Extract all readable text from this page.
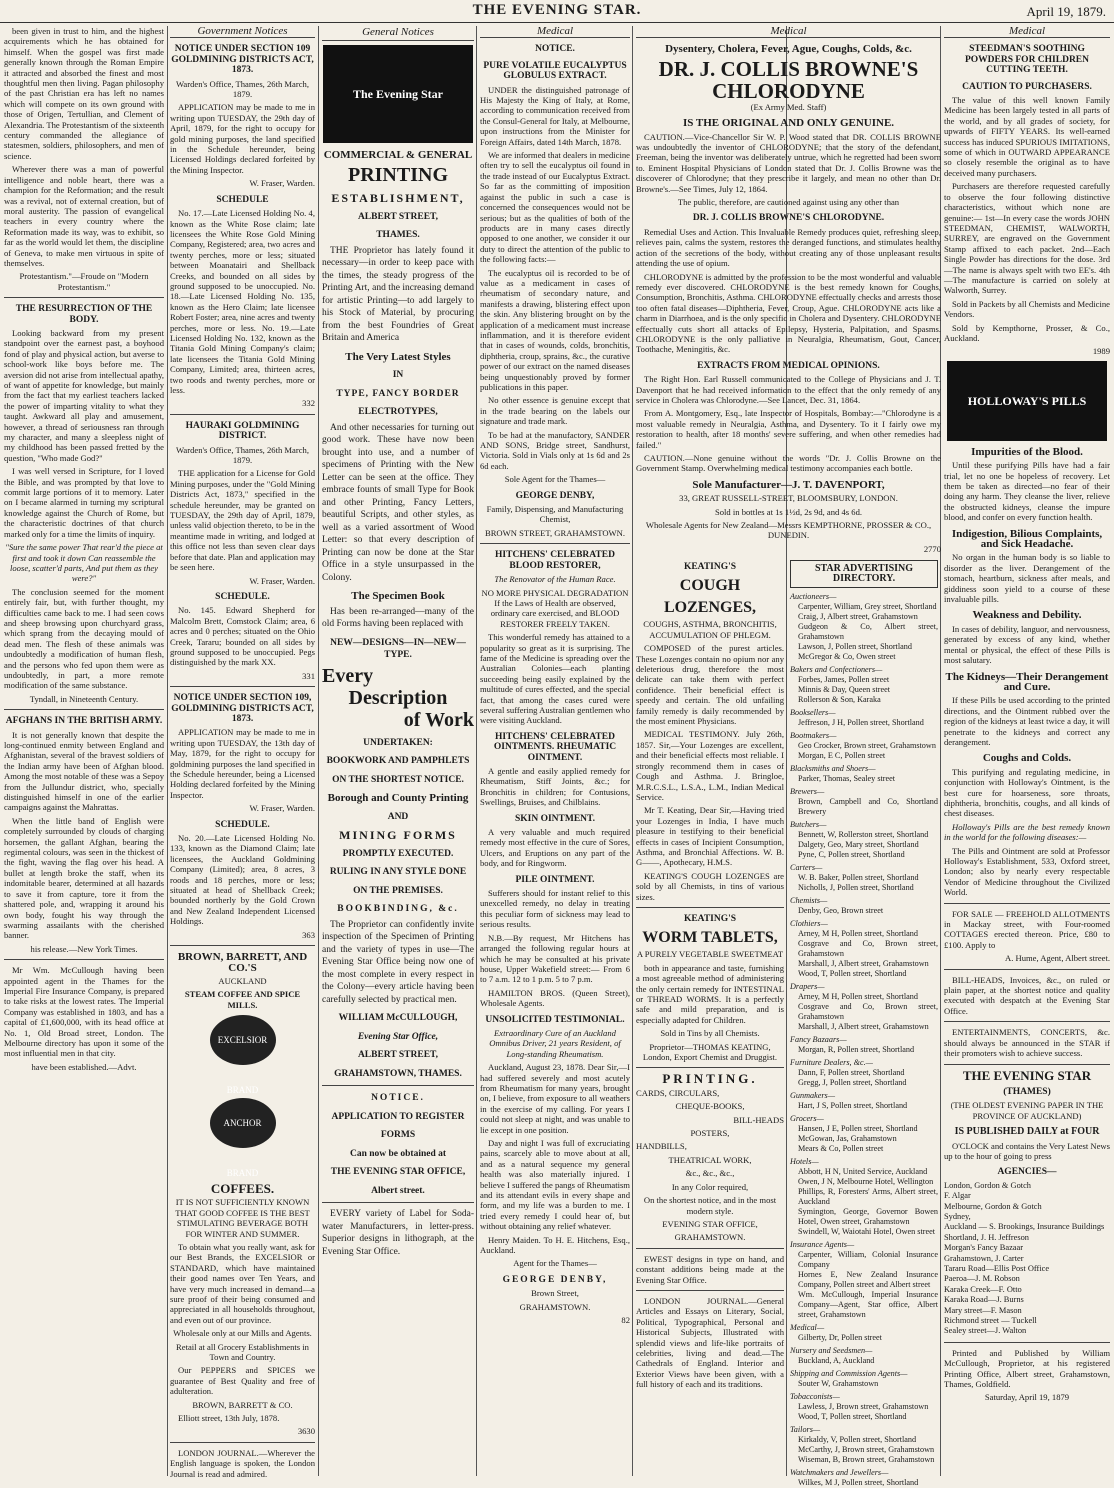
THE EVENING STAR.	April 19, 1879.

been given in trust to him, and the highest acquirements which he has obtained for himself. When the gospel was first made generally known through the Roman Empire it attracted and absorbed the finest and most thoughtful men then living. Pagan philosophy of the past Christian era has left no names which will compete on its own ground with those of Origen, Tertullian, and Clement of Alexandria. The Protestantism of the sixteenth century commanded the allegiance of statesmen, soldiers, philosophers, and men of science.

Wherever there was a man of powerful intelligence and noble heart, there was a champion for the Reformation; and the result was a revival, not of external creation, but of moral austerity. The passion of evangelical teachers in every country where the Reformation made its way, was to exhibit, so far as the world would let them, the discipline of Geneva, to make men virtuous in spite of themselves.

Protestantism."—Froude on "Modern Protestantism."

THE RESURRECTION OF THE BODY.

Looking backward from my present standpoint over the earnest past, a boyhood fond of play and physical action, but averse to school-work like boys before me. The aversion did not arise from intellectual apathy, of want of appetite for knowledge, but mainly from the fact that my earliest teachers lacked the power of imparting vitality to what they taught. Awkward all play and amusement, however, a thread of seriousness ran through my character, and many a sleepless night of my childhood has been passed fretted by the question, "Who made God?"

I was well versed in Scripture, for I loved the Bible, and was prompted by that love to commit large portions of it to memory. Later on I became alarmed in turning my scriptural knowledge against the Church of Rome, but the characteristic doctrines of that church marked only for a time the limits of inquiry.

"Sure the same power That rear'd the piece at first and took it down Can reassemble the loose, scatter'd parts, And put them as they were?"

The conclusion seemed for the moment entirely fair, but, with further thought, my difficulties came back to me. I had seen cows and sheep browsing upon churchyard grass, which sprang from the decaying mould of dead men. The flesh of these animals was undoubtedly a modification of human flesh, and the persons who fed upon them were as undoubtedly, in part, a more remote modification of the same substance.

Tyndall, in Nineteenth Century.

AFGHANS IN THE BRITISH ARMY.

It is not generally known that despite the long-continued enmity between England and Afghanistan, several of the bravest soldiers of the Indian army have been of Afghan blood. Among the most notable of these was a Sepoy from the Jullundur district, who, specially distinguished himself in one of the earlier campaigns against the Mahrattas.

When the little band of English were completely surrounded by clouds of charging horsemen, the gallant Afghan, bearing the regimental colours, was seen in the thickest of the fight, waving the flag over his head. A bullet at length broke the staff, when its indomitable bearer, determined at all hazards to save it from capture, tore it from the shattered pole, and, wrapping it around his own body, fought his way through the swarming assailants with the cherished banner.

his release.—New York Times.

Mr Wm. McCullough having been appointed agent in the Thames for the Imperial Fire Insurance Company, is prepared to take risks at the lowest rates. The Imperial Company was established in 1803, and has a capital of £1,600,000, with its head office at No. 1, Old Broad street, London. The Melbourne directory has upon it some of the most influential men in that city.

have been established.—Advt.

Government Notices
NOTICE UNDER SECTION 109 GOLDMINING DISTRICTS ACT, 1873.

Warden's Office, Thames, 26th March, 1879.

APPLICATION may be made to me in writing upon TUESDAY, the 29th day of April, 1879, for the right to occupy for gold mining purposes, the land specified in the Schedule hereunder, being Licensed Holdings declared forfeited by the Mining Inspector.

W. Fraser, Warden.

SCHEDULE

No. 17.—Late Licensed Holding No. 4, known as the White Rose claim; late licensees the White Rose Gold Mining Company, Registered; area, two acres and twenty perches, more or less; situated between Moanatairi and Shellback Creeks, and bounded on all sides by ground supposed to be unoccupied. No. 18.—Late Licensed Holding No. 135, known as the Hero Claim; late licensee Robert Foster; area, nine acres and twenty perches, more or less. No. 19.—Late Licensed Holding No. 132, known as the Titania Gold Mining Company's claim; late licensees the Titania Gold Mining Company, Limited; area, thirteen acres, two roods and twenty perches, more or less.

332

HAURAKI GOLDMINING DISTRICT.

Warden's Office, Thames, 26th March, 1879.

THE application for a License for Gold Mining purposes, under the "Gold Mining Districts Act, 1873," specified in the schedule hereunder, may be granted on TUESDAY, the 29th day of April, 1879, unless valid objection thereto, to be in the meantime made in writing, and lodged at this office not less than seven clear days before that date. Plan and application may be seen here.

W. Fraser, Warden.

SCHEDULE.

No. 145. Edward Shepherd for Malcolm Brett, Comstock Claim; area, 6 acres and 0 perches; situated on the Ohio Creek, Tararu; bounded on all sides by ground supposed to be unoccupied. Pegs distinguished by the mark XX.

331

NOTICE UNDER SECTION 109, GOLDMINING DISTRICTS ACT, 1873.

APPLICATION may be made to me in writing upon TUESDAY, the 13th day of May, 1879, for the right to occupy for goldmining purposes the land specified in the Schedule hereunder, being a Licensed Holding declared forfeited by the Mining Inspector.

W. Fraser, Warden.

SCHEDULE.

No. 20.—Late Licensed Holding No. 133, known as the Diamond Claim; late licensees, the Auckland Goldmining Company (Limited); area, 8 acres, 3 roods and 18 perches, more or less; situated at head of Shellback Creek; bounded northerly by the Gold Crown and New Zealand Independent Licensed Holdings.

363

BROWN, BARRETT, AND CO.'S

AUCKLAND

STEAM COFFEE AND SPICE MILLS.

EXCELSIOR BRANDANCHOR BRAND
COFFEES.

IT IS NOT SUFFICIENTLY KNOWN THAT GOOD COFFEE IS THE BEST STIMULATING BEVERAGE BOTH FOR WINTER AND SUMMER.

To obtain what you really want, ask for our Best Brands, the EXCELSIOR or STANDARD, which have maintained their good names over Ten Years, and have very much increased in demand—a sure proof of their being consumed and appreciated in all households throughout, and even out of our province.

Wholesale only at our Mills and Agents.

Retail at all Grocery Establishments in Town and Country.

Our PEPPERS and SPICES we guarantee of Best Quality and free of adulteration.

BROWN, BARRETT & CO.

Elliott street, 13th July, 1878.

3630

LONDON JOURNAL.—Wherever the English language is spoken, the London Journal is read and admired.

General Notices
The Evening Star
COMMERCIAL & GENERAL
PRINTING
ESTABLISHMENT,
ALBERT STREET,
THAMES.

THE Proprietor has lately found it necessary—in order to keep pace with the times, the steady progress of the Printing Art, and the increasing demand for artistic Printing—to add largely to his Stock of Material, by procuring from the best Foundries of Great Britain and America

The Very Latest Styles
IN
TYPE, FANCY BORDER
ELECTROTYPES,

And other necessaries for turning out good work. These have now been brought into use, and a number of specimens of Printing with the New Letter can be seen at the office. They embrace founts of small Type for Book and other Printing, Fancy Letters, beautiful Scripts, and other styles, as well as a varied assortment of Wood Letter: so that every description of Printing can now be done at the Star Office in a style unsurpassed in the Colony.

The Specimen Book

Has been re-arranged—many of the old Forms having been replaced with

NEW—DESIGNS—IN—NEW—TYPE.
Every
Description
of Work
UNDERTAKEN:
BOOKWORK AND PAMPHLETS
ON THE SHORTEST NOTICE.
Borough and County Printing
AND
MINING FORMS
PROMPTLY EXECUTED.
RULING IN ANY STYLE DONE
ON THE PREMISES.
BOOKBINDING, &c.

The Proprietor can confidently invite inspection of the Specimen of Printing and the variety of types in use—The Evening Star Office being now one of the most complete in every respect in the Colony—every article having been carefully selected by practical men.

WILLIAM McCULLOUGH,
Evening Star Office,
ALBERT STREET,
GRAHAMSTOWN, THAMES.
NOTICE.
APPLICATION TO REGISTER
FORMS
Can now be obtained at
THE EVENING STAR OFFICE,
Albert street.

EVERY variety of Label for Soda-water Manufacturers, in letter-press. Superior designs in lithograph, at the Evening Star Office.

Medical
NOTICE.
PURE VOLATILE EUCALYPTUS GLOBULUS EXTRACT.

UNDER the distinguished patronage of His Majesty the King of Italy, at Rome, according to communication received from the Consul-General for Italy, at Melbourne, upon instructions from the Minister for Foreign Affairs, dated 14th March, 1878.

We are informed that dealers in medicine often try to sell the eucalyptus oil found in the trade instead of our Eucalyptus Extract. So far as the committing of imposition against the public in such a case is concerned the consequences would not be serious; but as the qualities of both of the products are in many cases directly opposed to one another, we consider it our duty to direct the attention of the public to the following facts:—

The eucalyptus oil is recorded to be of value as a medicament in cases of rheumatism of secondary nature, and manifests a drawing, blistering effect upon the skin. Any blistering brought on by the application of a medicament must increase inflammation, and it is therefore evident that in cases of wounds, colds, bronchitis, diphtheria, croup, sprains, &c., the curative power of our extract on the named diseases being unquestionably proved by former publications in this paper.

No other essence is genuine except that in the trade bearing on the labels our signature and trade mark.

To be had at the manufactory, SANDER AND SONS, Bridge street, Sandhurst, Victoria. Sold in Vials only at 1s 6d and 2s 6d each.

Sole Agent for the Thames—

GEORGE DENBY,

Family, Dispensing, and Manufacturing Chemist,

BROWN STREET, GRAHAMSTOWN.

HITCHENS' CELEBRATED BLOOD RESTORER,

The Renovator of the Human Race.

NO MORE PHYSICAL DEGRADATION If the Laws of Health are observed, ordinary care exercised, and BLOOD RESTORER FREELY TAKEN.

This wonderful remedy has attained to a popularity so great as it is surprising. The fame of the Medicine is spreading over the Australian Colonies—each planting succeeding being easily explained by the multitude of cures effected, and the special fact, that among the cases cured were several suffering Australian gentlemen who were visiting Auckland.

HITCHENS' CELEBRATED OINTMENTS. RHEUMATIC OINTMENT.

A gentle and easily applied remedy for Rheumatism, Stiff Joints, &c.; for Bronchitis in children; for Contusions, Swellings, Bruises, and Chilblains.

SKIN OINTMENT.

A very valuable and much required remedy most effective in the cure of Sores, Ulcers, and Eruptions on any part of the body, and for Ringworm.

PILE OINTMENT.

Sufferers should for instant relief to this unexcelled remedy, no delay in treating this peculiar form of sickness may lead to serious results.

N.B.—By request, Mr Hitchens has arranged the following regular hours at which he may be consulted at his private house, Upper Wakefield street:— From 6 to 7 a.m. 12 to 1 p.m. 5 to 7 p.m.

HAMILTON BROS. (Queen Street), Wholesale Agents.

UNSOLICITED TESTIMONIAL.

Extraordinary Cure of an Auckland Omnibus Driver, 21 years Resident, of Long-standing Rheumatism.

Auckland, August 23, 1878. Dear Sir,—I had suffered severely and most acutely from Rheumatism for many years, brought on, I believe, from exposure to all weathers in the exercise of my calling. For years I could not sleep at night, and was unable to lie except in one position.

Day and night I was full of excruciating pains, scarcely able to move about at all, and as a natural sequence my general health was also materially injured. I believe I suffered the pangs of Rheumatism and its attendant evils in every shape and form, and my life was a burden to me. I tried every remedy I could hear of, but without obtaining any relief whatever.

Henry Maiden. To H. E. Hitchens, Esq., Auckland.

Agent for the Thames—

GEORGE DENBY,

Brown Street,

GRAHAMSTOWN.

82

Medical
Dysentery, Cholera, Fever, Ague, Coughs, Colds, &c.
DR. J. COLLIS BROWNE'S CHLORODYNE

(Ex Army Med. Staff)

IS THE ORIGINAL AND ONLY GENUINE.

CAUTION.—Vice-Chancellor Sir W. P. Wood stated that DR. COLLIS BROWNE was undoubtedly the inventor of CHLORODYNE; that the story of the defendant, Freeman, being the inventor was deliberately untrue, which he regretted had been sworn to. Eminent Hospital Physicians of London stated that Dr. J. Collis Browne was the discoverer of Chlorodyne; that they prescribe it largely, and mean no other than Dr. Browne's.—See Times, July 12, 1864.

The public, therefore, are cautioned against using any other than

DR. J. COLLIS BROWNE'S CHLORODYNE.

Remedial Uses and Action. This Invaluable Remedy produces quiet, refreshing sleep, relieves pain, calms the system, restores the deranged functions, and stimulates healthy action of the secretions of the body, without creating any of those unpleasant results attending the use of opium.

CHLORODYNE is admitted by the profession to be the most wonderful and valuable remedy ever discovered. CHLORODYNE is the best remedy known for Coughs, Consumption, Bronchitis, Asthma. CHLORODYNE effectually checks and arrests those too often fatal diseases—Diphtheria, Fever, Croup, Ague. CHLORODYNE acts like a charm in Diarrhoea, and is the only specific in Cholera and Dysentery. CHLORODYNE effectually cuts short all attacks of Epilepsy, Hysteria, Palpitation, and Spasms. CHLORODYNE is the only palliative in Neuralgia, Rheumatism, Gout, Cancer, Toothache, Meningitis, &c.

EXTRACTS FROM MEDICAL OPINIONS.

The Right Hon. Earl Russell communicated to the College of Physicians and J. T. Davenport that he had received information to the effect that the only remedy of any service in Cholera was Chlorodyne.—See Lancet, Dec. 31, 1864.

From A. Montgomery, Esq., late Inspector of Hospitals, Bombay:—"Chlorodyne is a most valuable remedy in Neuralgia, Asthma, and Dysentery. To it I fairly owe my restoration to health, after 18 months' severe suffering, and when other remedies had failed."

CAUTION.—None genuine without the words "Dr. J. Collis Browne on the Government Stamp. Overwhelming medical testimony accompanies each bottle.

Sole Manufacturer—J. T. DAVENPORT,

33, GREAT RUSSELL-STREET, BLOOMSBURY, LONDON.

Sold in bottles at 1s 1½d, 2s 9d, and 4s 6d.

Wholesale Agents for New Zealand—Messrs KEMPTHORNE, PROSSER & CO., DUNEDIN.

2770

KEATING'S
COUGH LOZENGES,

COUGHS, ASTHMA, BRONCHITIS, ACCUMULATION OF PHLEGM.

COMPOSED of the purest articles. These Lozenges contain no opium nor any deleterious drug, therefore the most delicate can take them with perfect confidence. Their beneficial effect is speedy and certain. The old unfailing family remedy is daily recommended by the most eminent Physicians.

MEDICAL TESTIMONY. July 26th, 1857. Sir,—Your Lozenges are excellent, and their beneficial effects most reliable. I strongly recommend them in cases of Cough and Asthma. J. Bringloe, M.R.C.S.L., L.S.A., L.M., Indian Medical Service.

Mr T. Keating, Dear Sir,—Having tried your Lozenges in India, I have much pleasure in testifying to their beneficial effects in cases of Incipient Consumption, Asthma, and Bronchial Affections. W. B. G——, Apothecary, H.M.S.

KEATING'S COUGH LOZENGES are sold by all Chemists, in tins of various sizes.

KEATING'S
WORM TABLETS,

A PURELY VEGETABLE SWEETMEAT

both in appearance and taste, furnishing a most agreeable method of administering the only certain remedy for INTESTINAL or THREAD WORMS. It is a perfectly safe and mild preparation, and is especially adapted for Children.

Sold in Tins by all Chemists.

Proprietor—THOMAS KEATING, London, Export Chemist and Druggist.

PRINTING.

CARDS, CIRCULARS,

CHEQUE-BOOKS,

BILL-HEADS

POSTERS,

HANDBILLS,

THEATRICAL WORK,

&c., &c., &c.,

In any Color required,

On the shortest notice, and in the most modern style.

EVENING STAR OFFICE,

GRAHAMSTOWN.

EWEST designs in type on hand, and constant additions being made at the Evening Star Office.

LONDON JOURNAL.—General Articles and Essays on Literary, Social, Political, Typographical, Personal and Historical Subjects, Illustrated with splendid views and life-like portraits of celebrities, living and dead.—The Cathedrals of England. Interior and Exterior Views have been given, with a full history of each and its traditions.

STAR ADVERTISING DIRECTORY.
Auctioneers—
Carpenter, William, Grey street, Shortland
Craig, J, Albert street, Grahamstown
Gudgeon & Co, Albert street, Grahamstown
Lawson, J, Pollen street, Shortland
McGregor & Co, Owen street
Bakers and Confectioners—
Forbes, James, Pollen street
Minnis & Day, Queen street
Rollerson & Son, Karaka
Booksellers—
Jeffreson, J H, Pollen street, Shortland
Bootmakers—
Geo Crocker, Brown street, Grahamstown
Morgan, E C, Pollen street
Blacksmiths and Shoers—
Parker, Thomas, Sealey street
Brewers—
Brown, Campbell and Co, Shortland Brewery
Butchers—
Bennett, W, Rollerston street, Shortland
Dalgety, Geo, Mary street, Shortland
Pyne, C, Pollen street, Shortland
Carters—
W. B. Baker, Pollen street, Shortland
Nicholls, J, Pollen street, Shortland
Chemists—
Denby, Geo, Brown street
Clothiers—
Arney, M H, Pollen street, Shortland
Cosgrave and Co, Brown street, Grahamstown
Marshall, J, Albert street, Grahamstown
Wood, T, Pollen street, Shortland
Drapers—
Arney, M H, Pollen street, Shortland
Cosgrave and Co, Brown street, Grahamstown
Marshall, J, Albert street, Grahamstown
Fancy Bazaars—
Morgan, R, Pollen street, Shortland
Furniture Dealers, &c.—
Dann, F, Pollen street, Shortland
Gregg, J, Pollen street, Shortland
Gunmakers—
Hart, J S, Pollen street, Shortland
Grocers—
Hansen, J E, Pollen street, Shortland
McGowan, Jas, Grahamstown
Mears & Co, Pollen street
Hotels—
Abbott, H N, United Service, Auckland
Owen, J N, Melbourne Hotel, Wellington
Phillips, R, Foresters' Arms, Albert street, Auckland
Symington, George, Governor Bowen Hotel, Owen street, Grahamstown
Swindell, W, Waiotahi Hotel, Owen street
Insurance Agents—
Carpenter, William, Colonial Insurance Company
Hornes E, New Zealand Insurance Company, Pollen street and Albert street
Wm. McCullough, Imperial Insurance Company—Agent, Star office, Albert street, Grahamstown
Medical—
Gilberty, Dr, Pollen street
Nursery and Seedsmen—
Buckland, A, Auckland
Shipping and Commission Agents—
Souter W, Grahamstown
Tobacconists—
Lawless, J, Brown street, Grahamstown
Wood, T, Pollen street, Shortland
Tailors—
Kirkaldy, V, Pollen street, Shortland
McCarthy, J, Brown street, Grahamstown
Wiseman, B, Brown street, Grahamstown
Watchmakers and Jewellers—
Wilkes, M J, Pollen street, Shortland
Medical
STEEDMAN'S SOOTHING POWDERS FOR CHILDREN CUTTING TEETH.
CAUTION TO PURCHASERS.

The value of this well known Family Medicine has been largely tested in all parts of the world, and by all grades of society, for upwards of FIFTY YEARS. Its well-earned success has induced SPURIOUS IMITATIONS, some of which in OUTWARD APPEARANCE so closely resemble the original as to have deceived many purchasers.

Purchasers are therefore requested carefully to observe the four following distinctive characteristics, without which none are genuine:— 1st—In every case the words JOHN STEEDMAN, CHEMIST, WALWORTH, SURREY, are engraved on the Government Stamp affixed to each packet. 2nd—Each Single Powder has directions for the dose. 3rd—The name is always spelt with two EE's. 4th—The manufacture is carried on solely at Walworth, Surrey.

Sold in Packets by all Chemists and Medicine Vendors.

Sold by Kempthorne, Prosser, & Co., Auckland.

1989

HOLLOWAY'S PILLS
Impurities of the Blood.

Until these purifying Pills have had a fair trial, let no one be hopeless of recovery. Let them be taken as directed—no fear of their doing any harm. They cleanse the liver, relieve the obstructed kidneys, cleanse the impure blood, and confer on every function health.

Indigestion, Bilious Complaints, and Sick Headache.

No organ in the human body is so liable to disorder as the liver. Derangement of the stomach, heartburn, sickness after meals, and giddiness soon yield to a course of these invaluable pills.

Weakness and Debility.

In cases of debility, languor, and nervousness, generated by excess of any kind, whether mental or physical, the effect of these Pills is most salutary.

The Kidneys—Their Derangement and Cure.

If these Pills be used according to the printed directions, and the Ointment rubbed over the region of the kidneys at least twice a day, it will penetrate to the kidneys and correct any derangement.

Coughs and Colds.

This purifying and regulating medicine, in conjunction with Holloway's Ointment, is the best cure for hoarseness, sore throats, diphtheria, bronchitis, coughs, and all kinds of chest diseases.

Holloway's Pills are the best remedy known in the world for the following diseases:—

The Pills and Ointment are sold at Professor Holloway's Establishment, 533, Oxford street, London; also by nearly every respectable Vendor of Medicine throughout the Civilized World.

FOR SALE — FREEHOLD ALLOTMENTS in Mackay street, with Four-roomed COTTAGES erected thereon. Price, £80 to £100. Apply to

A. Hume, Agent, Albert street.

BILL-HEADS, Invoices, &c., on ruled or plain paper, at the shortest notice and quality executed with despatch at the Evening Star Office.

ENTERTAINMENTS, CONCERTS, &c. should always be announced in the STAR if their promoters wish to achieve success.

THE EVENING STAR
(THAMES)

(THE OLDEST EVENING PAPER IN THE PROVINCE OF AUCKLAND)

IS PUBLISHED DAILY at FOUR

O'CLOCK and contains the Very Latest News up to the hour of going to press

AGENCIES—
London, Gordon & Gotch
F. Algar
Melbourne, Gordon & Gotch
Sydney,
Auckland — S. Brookings, Insurance Buildings
Shortland, J. H. Jeffreson
Morgan's Fancy Bazaar
Grahamstown, J. Carter
Tararu Road—Ellis Post Office
Paeroa—J. M. Robson
Karaka Creek—F. Otto
Karaka Road—J. Burns
Mary street—F. Mason
Richmond street — Tuckell
Sealey street—J. Walton

Printed and Published by William McCullough, Proprietor, at his registered Printing Office, Albert street, Grahamstown, Thames, Goldfield.

Saturday, April 19, 1879
